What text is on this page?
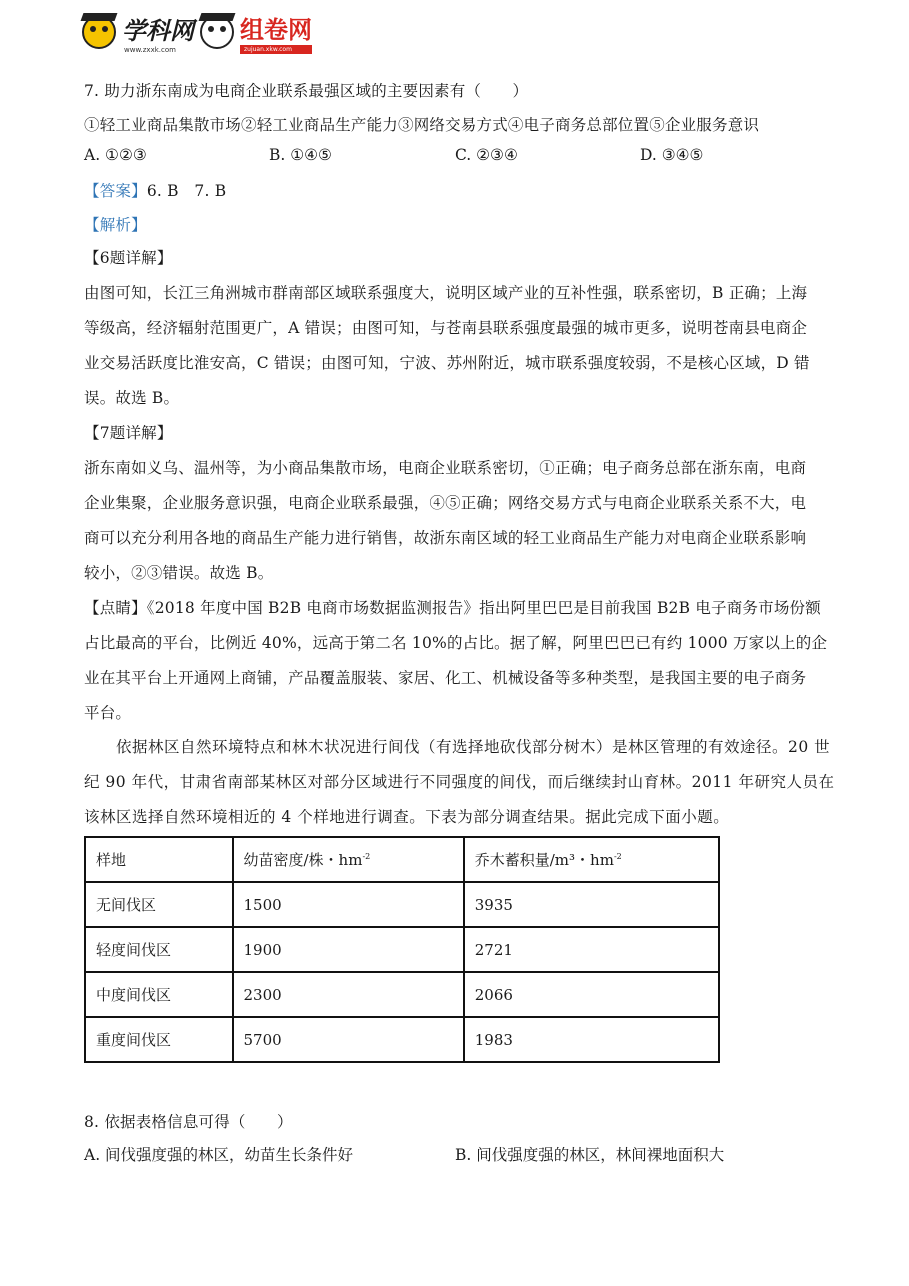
学科网
www.zxxk.com
组卷网
zujuan.xkw.com
7. 助力浙东南成为电商企业联系最强区域的主要因素有（　　）
①轻工业商品集散市场②轻工业商品生产能力③网络交易方式④电子商务总部位置⑤企业服务意识
A. ①②③	B. ①④⑤	C. ②③④	D. ③④⑤
【答案】6. B　7. B
【解析】
【6题详解】
由图可知，长江三角洲城市群南部区域联系强度大，说明区域产业的互补性强，联系密切，B 正确；上海
等级高，经济辐射范围更广，A 错误；由图可知，与苍南县联系强度最强的城市更多，说明苍南县电商企
业交易活跃度比淮安高，C 错误；由图可知，宁波、苏州附近，城市联系强度较弱，不是核心区域，D 错
误。故选 B。
【7题详解】
浙东南如义乌、温州等，为小商品集散市场，电商企业联系密切，①正确；电子商务总部在浙东南，电商
企业集聚，企业服务意识强，电商企业联系最强，④⑤正确；网络交易方式与电商企业联系关系不大，电
商可以充分利用各地的商品生产能力进行销售，故浙东南区域的轻工业商品生产能力对电商企业联系影响
较小，②③错误。故选 B。
【点睛】《2018 年度中国 B2B 电商市场数据监测报告》指出阿里巴巴是目前我国 B2B 电子商务市场份额
占比最高的平台，比例近 40%，远高于第二名 10%的占比。据了解，阿里巴巴已有约 1000 万家以上的企
业在其平台上开通网上商铺，产品覆盖服装、家居、化工、机械设备等多种类型，是我国主要的电子商务
平台。
　　依据林区自然环境特点和林木状况进行间伐（有选择地砍伐部分树木）是林区管理的有效途径。20 世
纪 90 年代，甘肃省南部某林区对部分区域进行不同强度的间伐，而后继续封山育林。2011 年研究人员在
该林区选择自然环境相近的 4 个样地进行调查。下表为部分调查结果。据此完成下面小题。
样地	幼苗密度/株・$hm^{-2}$	乔木蓄积量/m³・$hm^{-2}$
无间伐区	1500	3935
轻度间伐区	1900	2721
中度间伐区	2300	2066
重度间伐区	5700	1983
8. 依据表格信息可得（　　）
A. 间伐强度强的林区，幼苗生长条件好	B. 间伐强度强的林区，林间裸地面积大
